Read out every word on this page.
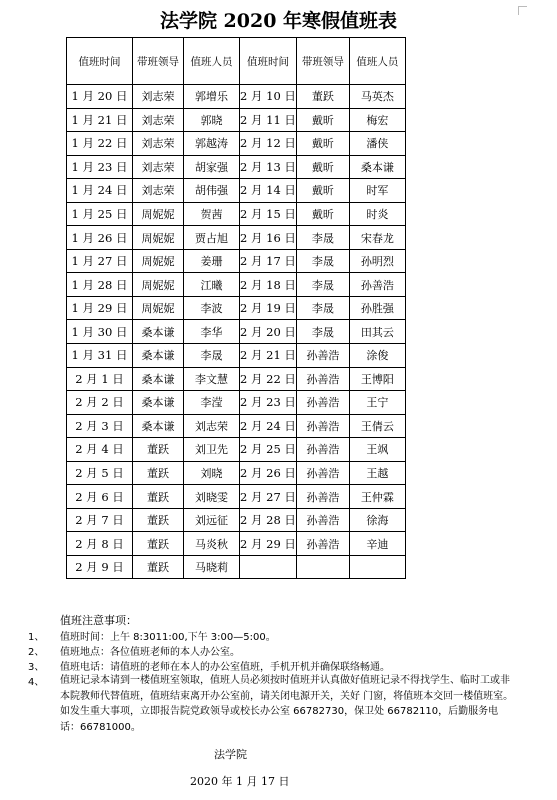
法学院 2020 年寒假值班表
值班时间	带班领导	值班人员	值班时间	带班领导	值班人员
1 月 20 日	刘志荣	郭增乐	2 月 10 日	董跃	马英杰
1 月 21 日	刘志荣	郭晓	2 月 11 日	戴昕	梅宏
1 月 22 日	刘志荣	郭越涛	2 月 12 日	戴昕	潘侠
1 月 23 日	刘志荣	胡家强	2 月 13 日	戴昕	桑本谦
1 月 24 日	刘志荣	胡伟强	2 月 14 日	戴昕	时军
1 月 25 日	周妮妮	贺茜	2 月 15 日	戴昕	时炎
1 月 26 日	周妮妮	贾占旭	2 月 16 日	李晟	宋春龙
1 月 27 日	周妮妮	姜珊	2 月 17 日	李晟	孙明烈
1 月 28 日	周妮妮	江曦	2 月 18 日	李晟	孙善浩
1 月 29 日	周妮妮	李波	2 月 19 日	李晟	孙胜强
1 月 30 日	桑本谦	李华	2 月 20 日	李晟	田其云
1 月 31 日	桑本谦	李晟	2 月 21 日	孙善浩	涂俊
2 月 1 日	桑本谦	李文慧	2 月 22 日	孙善浩	王博阳
2 月 2 日	桑本谦	李滢	2 月 23 日	孙善浩	王宁
2 月 3 日	桑本谦	刘志荣	2 月 24 日	孙善浩	王倩云
2 月 4 日	董跃	刘卫先	2 月 25 日	孙善浩	王飒
2 月 5 日	董跃	刘晓	2 月 26 日	孙善浩	王越
2 月 6 日	董跃	刘晓雯	2 月 27 日	孙善浩	王仲霖
2 月 7 日	董跃	刘远征	2 月 28 日	孙善浩	徐海
2 月 8 日	董跃	马炎秋	2 月 29 日	孙善浩	辛迪
2 月 9 日	董跃	马晓莉			
值班注意事项：
1、 值班时间：上午 8:3011:00,下午 3:00—5:00。
2、 值班地点：各位值班老师的本人办公室。
3、 值班电话：请值班的老师在本人的办公室值班，手机开机并确保联络畅通。
4、 值班记录本请到一楼值班室领取，值班人员必须按时值班并认真做好值班记录不得找学生、临时工或非本院教师代替值班，值班结束离开办公室前，请关闭电源开关，关好 门窗，将值班本交回一楼值班室。如发生重大事项，立即报告院党政领导或校长办公室 66782730，保卫处 66782110，后勤服务电话：66781000。
法学院
2020 年 1 月 17 日
